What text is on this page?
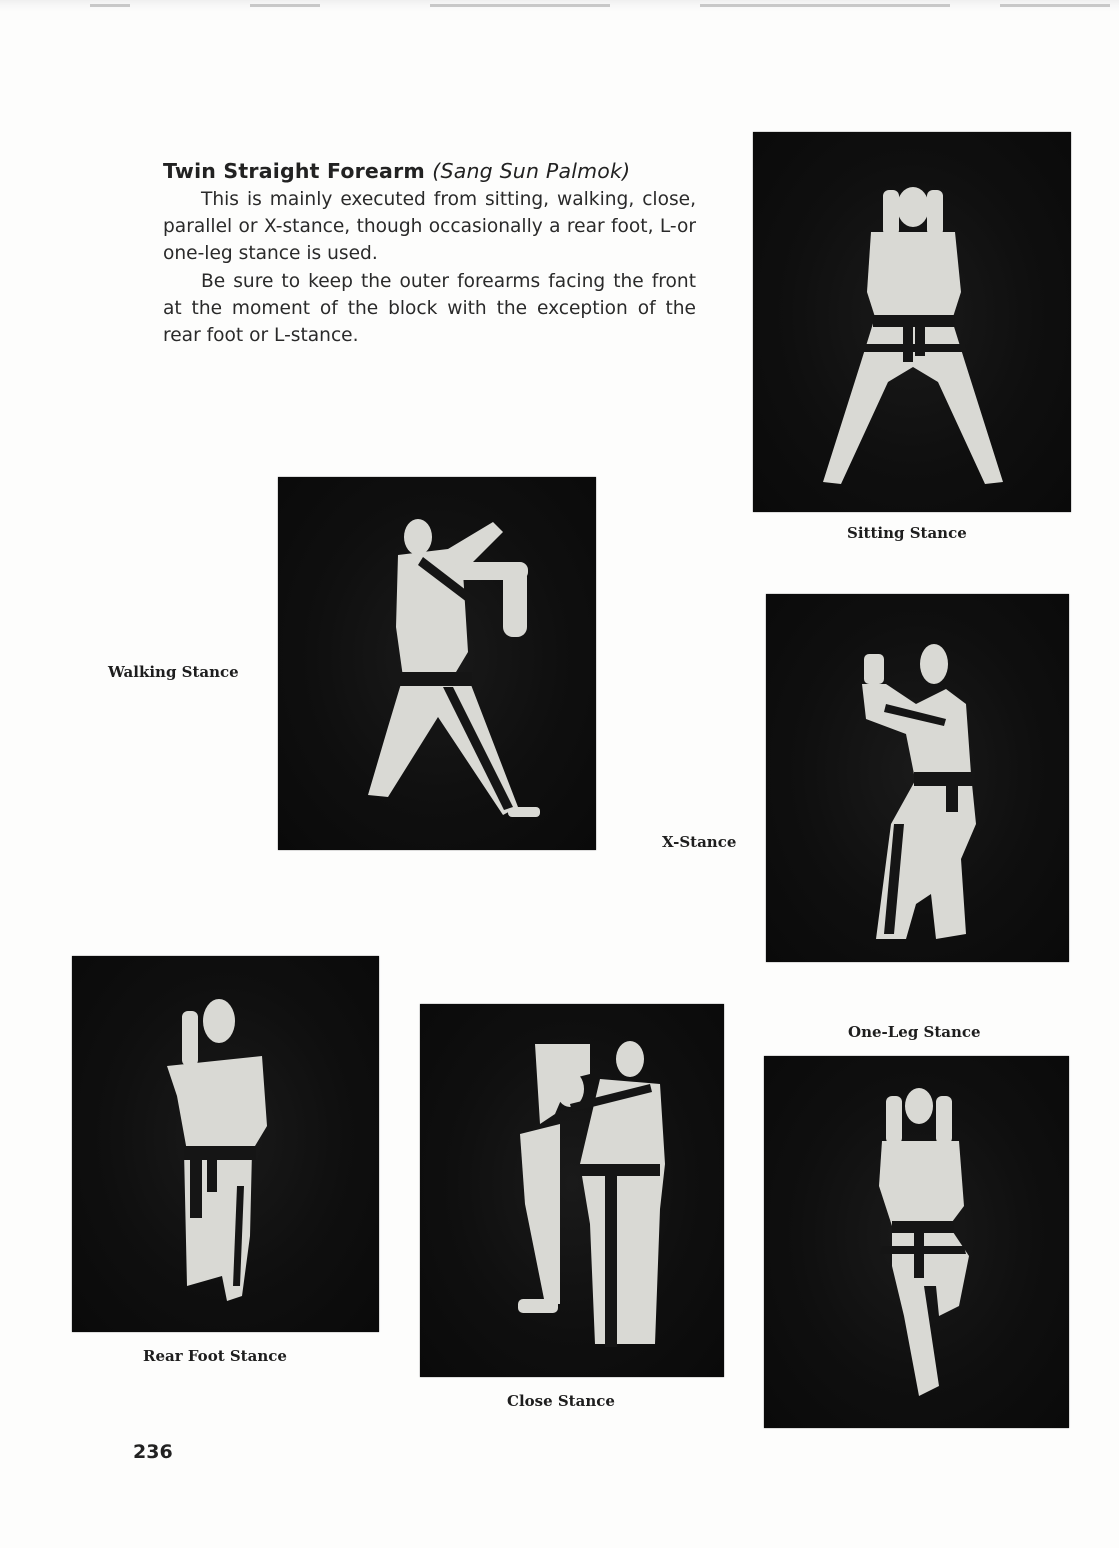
Twin Straight Forearm (Sang Sun Palmok)

This is mainly executed from sitting, walking, close, parallel or X-stance, though occasionally a rear foot, L-or one-leg stance is used.

Be sure to keep the outer forearms facing the front at the moment of the block with the exception of the rear foot or L-stance.

Sitting Stance
Walking Stance
X-Stance
Rear Foot Stance
Close Stance
One-Leg Stance
236
